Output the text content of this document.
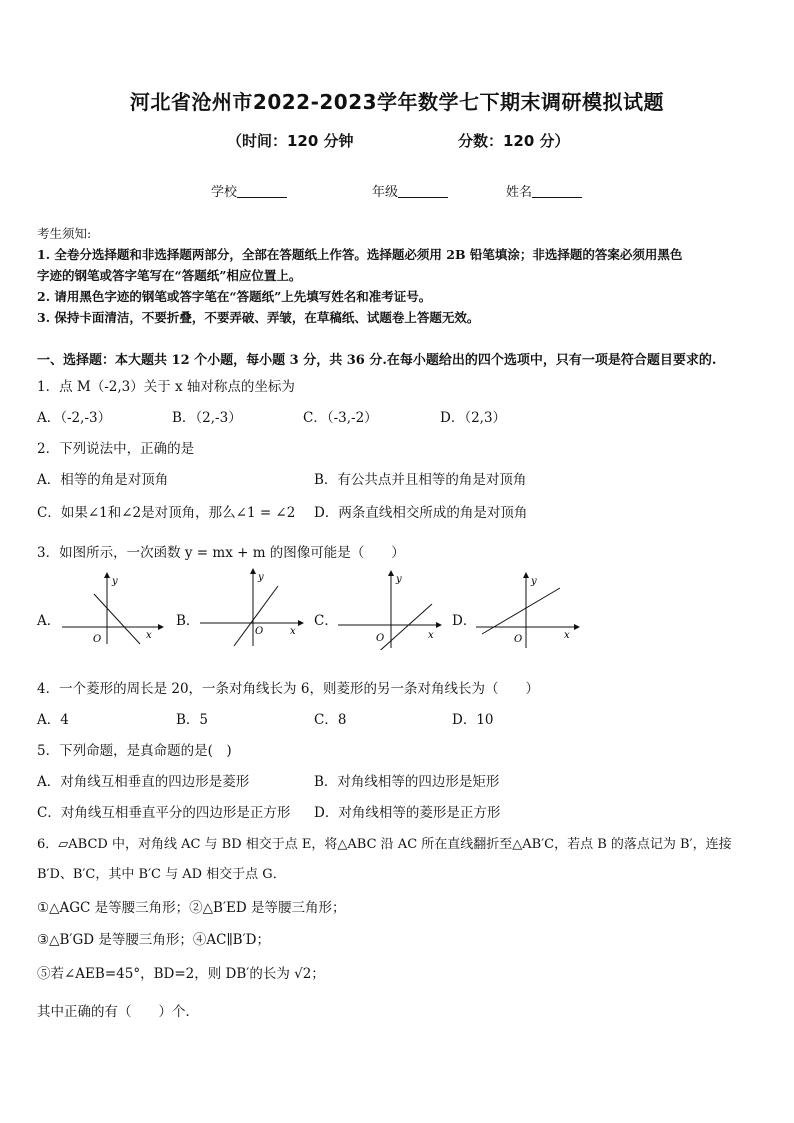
河北省沧州市2022-2023学年数学七下期末调研模拟试题
（时间：120 分钟	分数：120 分）
学校	年级	姓名
考生须知:
1. 全卷分选择题和非选择题两部分，全部在答题纸上作答。选择题必须用 2B 铅笔填涂；非选择题的答案必须用黑色
字迹的钢笔或答字笔写在“答题纸”相应位置上。
2. 请用黑色字迹的钢笔或答字笔在“答题纸”上先填写姓名和准考证号。
3. 保持卡面清洁，不要折叠，不要弄破、弄皱，在草稿纸、试题卷上答题无效。
一、选择题：本大题共 12 个小题，每小题 3 分，共 36 分.在每小题给出的四个选项中，只有一项是符合题目要求的.
1．点 M（-2,3）关于 x 轴对称点的坐标为
A．（-2,-3）	B．（2,-3）	C．（-3,-2）	D．（2,3）
2．下列说法中，正确的是
A．相等的角是对顶角	B．有公共点并且相等的角是对顶角
C．如果∠1和∠2是对顶角，那么∠1 = ∠2 D．两条直线相交所成的角是对顶角
3．如图所示，一次函数 y = mx + m 的图像可能是（　　）
A．
y
x
O
B．
y
x
O
C．
y
x
O
D．
y
x
O
4．一个菱形的周长是 20，一条对角线长为 6，则菱形的另一条对角线长为（　　）
A．4	B．5	C．8	D．10
5．下列命题，是真命题的是(　)
A．对角线互相垂直的四边形是菱形	B．对角线相等的四边形是矩形
C．对角线互相垂直平分的四边形是正方形 D．对角线相等的菱形是正方形
6．▱ABCD 中，对角线 AC 与 BD 相交于点 E，将△ABC 沿 AC 所在直线翻折至△AB′C，若点 B 的落点记为 B′，连接
B′D、B′C，其中 B′C 与 AD 相交于点 G．
①△AGC 是等腰三角形；②△B′ED 是等腰三角形；
③△B′GD 是等腰三角形；④AC∥B′D；
⑤若∠AEB=45°，BD=2，则 DB′的长为 √2；
其中正确的有（　　）个．
